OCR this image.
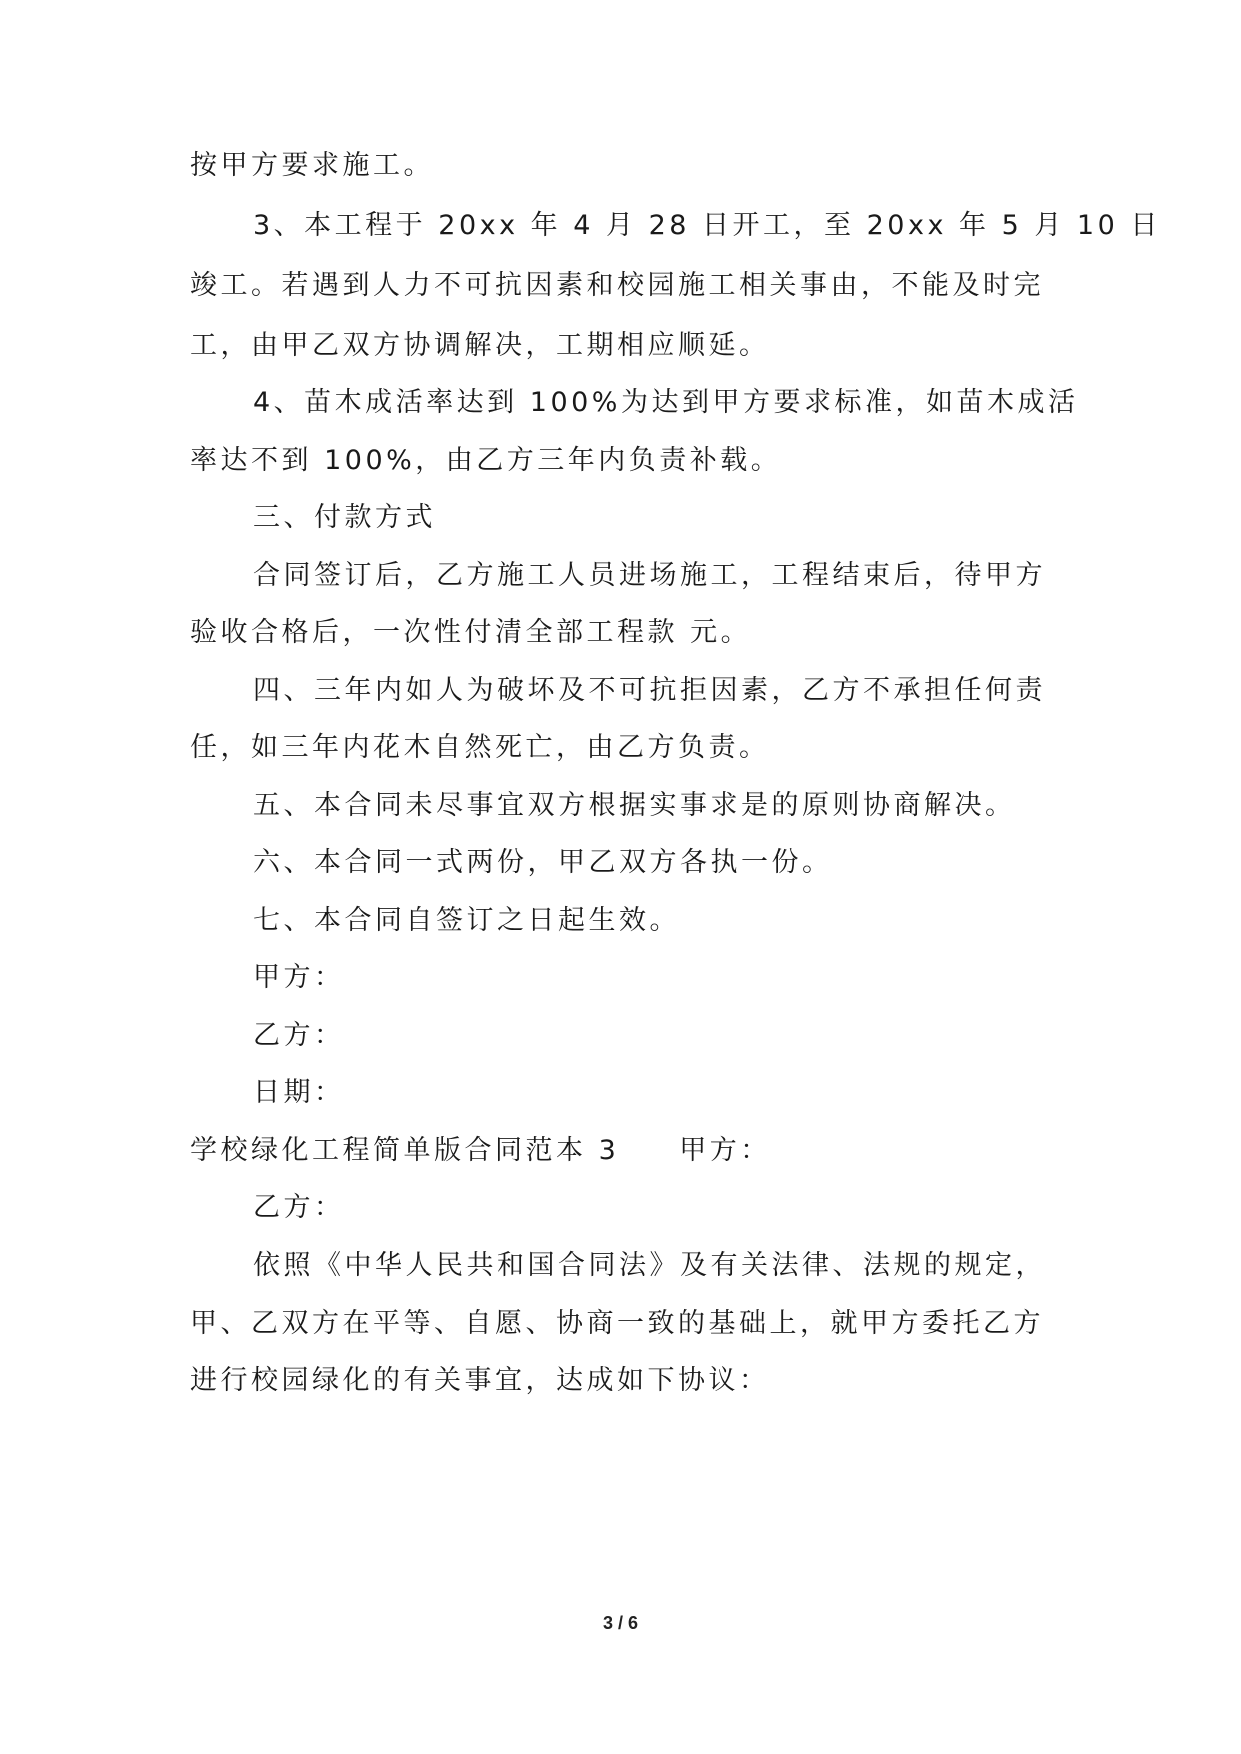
按甲方要求施工。
3、本工程于 20xx 年 4 月 28 日开工，至 20xx 年 5 月 10 日
竣工。若遇到人力不可抗因素和校园施工相关事由，不能及时完
工，由甲乙双方协调解决，工期相应顺延。
4、苗木成活率达到 100%为达到甲方要求标准，如苗木成活
率达不到 100%，由乙方三年内负责补载。
三、付款方式
合同签订后，乙方施工人员进场施工，工程结束后，待甲方
验收合格后，一次性付清全部工程款 元。
四、三年内如人为破坏及不可抗拒因素，乙方不承担任何责
任，如三年内花木自然死亡，由乙方负责。
五、本合同未尽事宜双方根据实事求是的原则协商解决。
六、本合同一式两份，甲乙双方各执一份。
七、本合同自签订之日起生效。
甲方：
乙方：
日期：
学校绿化工程简单版合同范本 3 甲方：
乙方：
依照《中华人民共和国合同法》及有关法律、法规的规定，
甲、乙双方在平等、自愿、协商一致的基础上，就甲方委托乙方
进行校园绿化的有关事宜，达成如下协议：
3 / 6
